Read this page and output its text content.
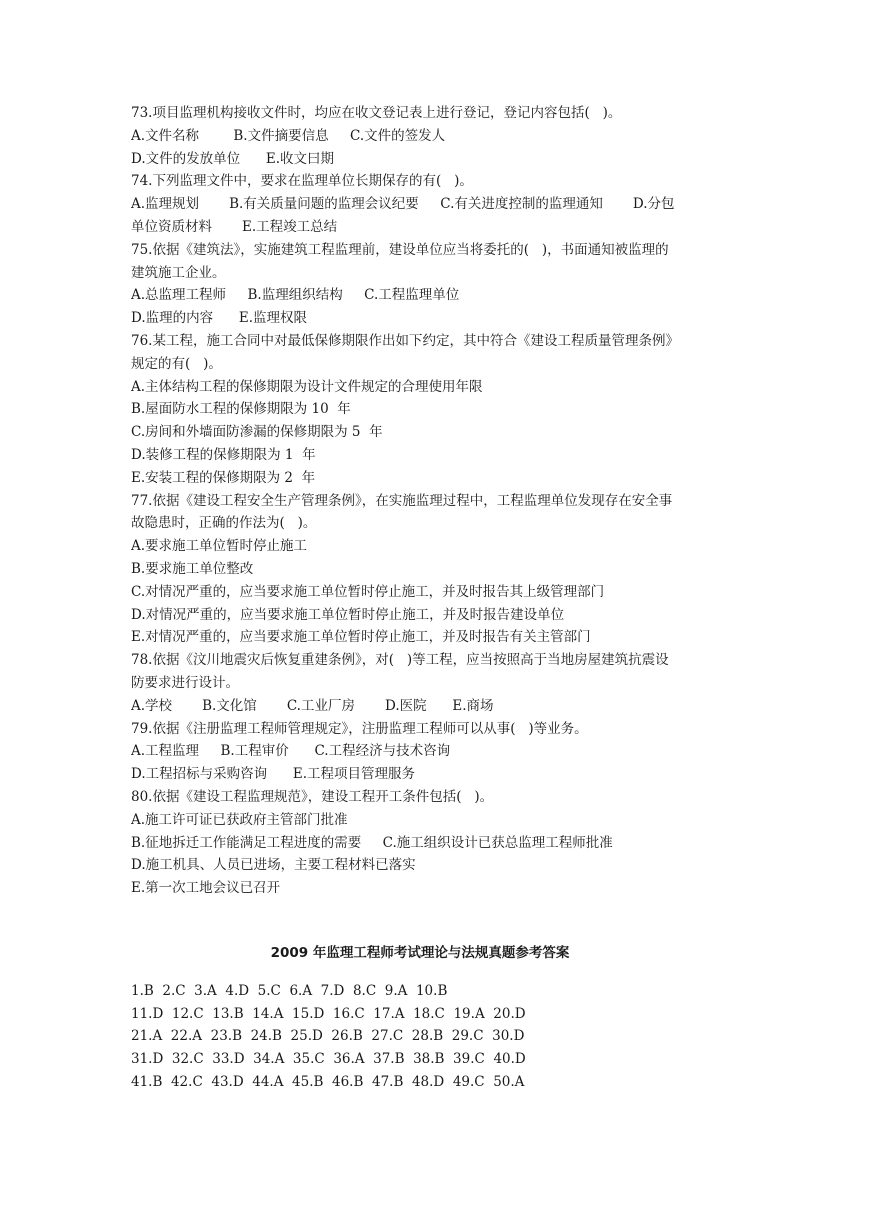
73.项目监理机构接收文件时，均应在收文登记表上进行登记，登记内容包括(   )。
A.文件名称        B.文件摘要信息     C.文件的签发人
D.文件的发放单位      E.收文曰期
74.下列监理文件中，要求在监理单位长期保存的有(   )。
A.监理规划       B.有关质量问题的监理会议纪要     C.有关进度控制的监理通知       D.分包
单位资质材料       E.工程竣工总结
75.依据《建筑法》，实施建筑工程监理前，建设单位应当将委托的(   )，书面通知被监理的
建筑施工企业。
A.总监理工程师     B.监理组织结构     C.工程监理单位
D.监理的内容      E.监理权限
76.某工程，施工合同中对最低保修期限作出如下约定，其中符合《建设工程质量管理条例》
规定的有(   )。
A.主体结构工程的保修期限为设计文件规定的合理使用年限
B.屋面防水工程的保修期限为 10  年
C.房间和外墙面防渗漏的保修期限为 5  年
D.装修工程的保修期限为 1  年
E.安装工程的保修期限为 2  年
77.依据《建设工程安全生产管理条例》，在实施监理过程中，工程监理单位发现存在安全事
故隐患时，正确的作法为(   )。
A.要求施工单位暂时停止施工
B.要求施工单位整改
C.对情况严重的，应当要求施工单位暂时停止施工，并及时报告其上级管理部门
D.对情况严重的，应当要求施工单位暂时停止施工，并及时报告建设单位
E.对情况严重的，应当要求施工单位暂时停止施工，并及时报告有关主管部门
78.依据《汶川地震灾后恢复重建条例》，对(   )等工程，应当按照高于当地房屋建筑抗震设
防要求进行设计。
A.学校       B.文化馆       C.工业厂房       D.医院      E.商场
79.依据《注册监理工程师管理规定》，注册监理工程师可以从事(   )等业务。
A.工程监理     B.工程审价      C.工程经济与技术咨询
D.工程招标与采购咨询      E.工程项目管理服务
80.依据《建设工程监理规范》，建设工程开工条件包括(   )。
A.施工许可证已获政府主管部门批准
B.征地拆迁工作能满足工程进度的需要     C.施工组织设计已获总监理工程师批准
D.施工机具、人员已进场，主要工程材料已落实
E.第一次工地会议已召开
2009 年监理工程师考试理论与法规真题参考答案
1.B  2.C  3.A  4.D  5.C  6.A  7.D  8.C  9.A  10.B
11.D  12.C  13.B  14.A  15.D  16.C  17.A  18.C  19.A  20.D
21.A  22.A  23.B  24.B  25.D  26.B  27.C  28.B  29.C  30.D
31.D  32.C  33.D  34.A  35.C  36.A  37.B  38.B  39.C  40.D
41.B  42.C  43.D  44.A  45.B  46.B  47.B  48.D  49.C  50.A
